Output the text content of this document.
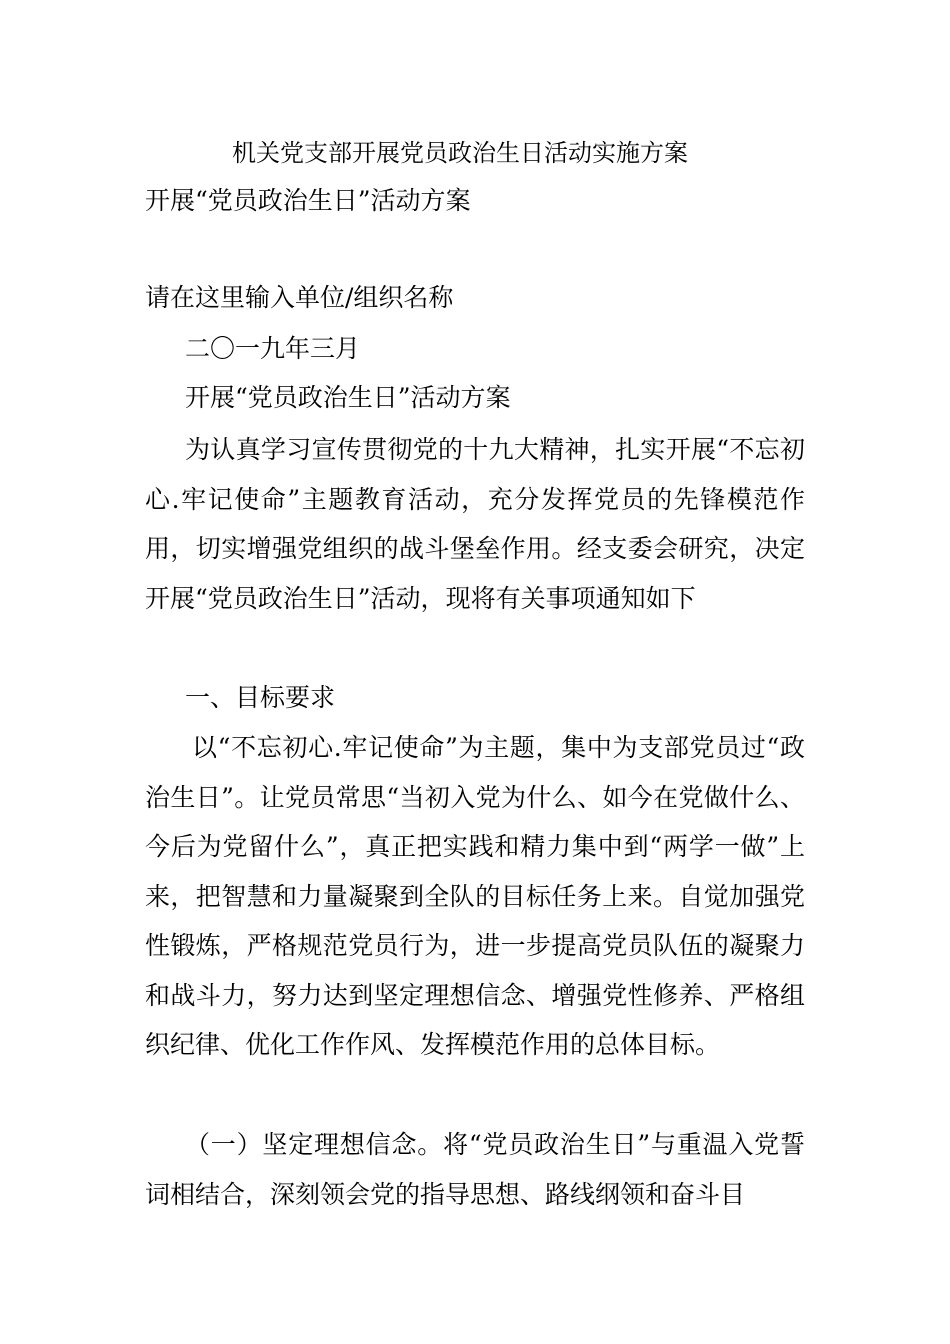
机关党支部开展党员政治生日活动实施方案
开展“党员政治生日”活动方案
请在这里输入单位/组织名称
二〇一九年三月
开展“党员政治生日”活动方案

为认真学习宣传贯彻党的十九大精神，扎实开展“不忘初心.牢记使命”主题教育活动，充分发挥党员的先锋模范作用，切实增强党组织的战斗堡垒作用。经支委会研究，决定开展“党员政治生日”活动，现将有关事项通知如下

一、目标要求

以“不忘初心.牢记使命”为主题，集中为支部党员过“政治生日”。让党员常思“当初入党为什么、如今在党做什么、今后为党留什么”，真正把实践和精力集中到“两学一做”上来，把智慧和力量凝聚到全队的目标任务上来。自觉加强党性锻炼，严格规范党员行为，进一步提高党员队伍的凝聚力和战斗力，努力达到坚定理想信念、增强党性修养、严格组织纪律、优化工作作风、发挥模范作用的总体目标。

（一）坚定理想信念。将“党员政治生日”与重温入党誓词相结合，深刻领会党的指导思想、路线纲领和奋斗目
